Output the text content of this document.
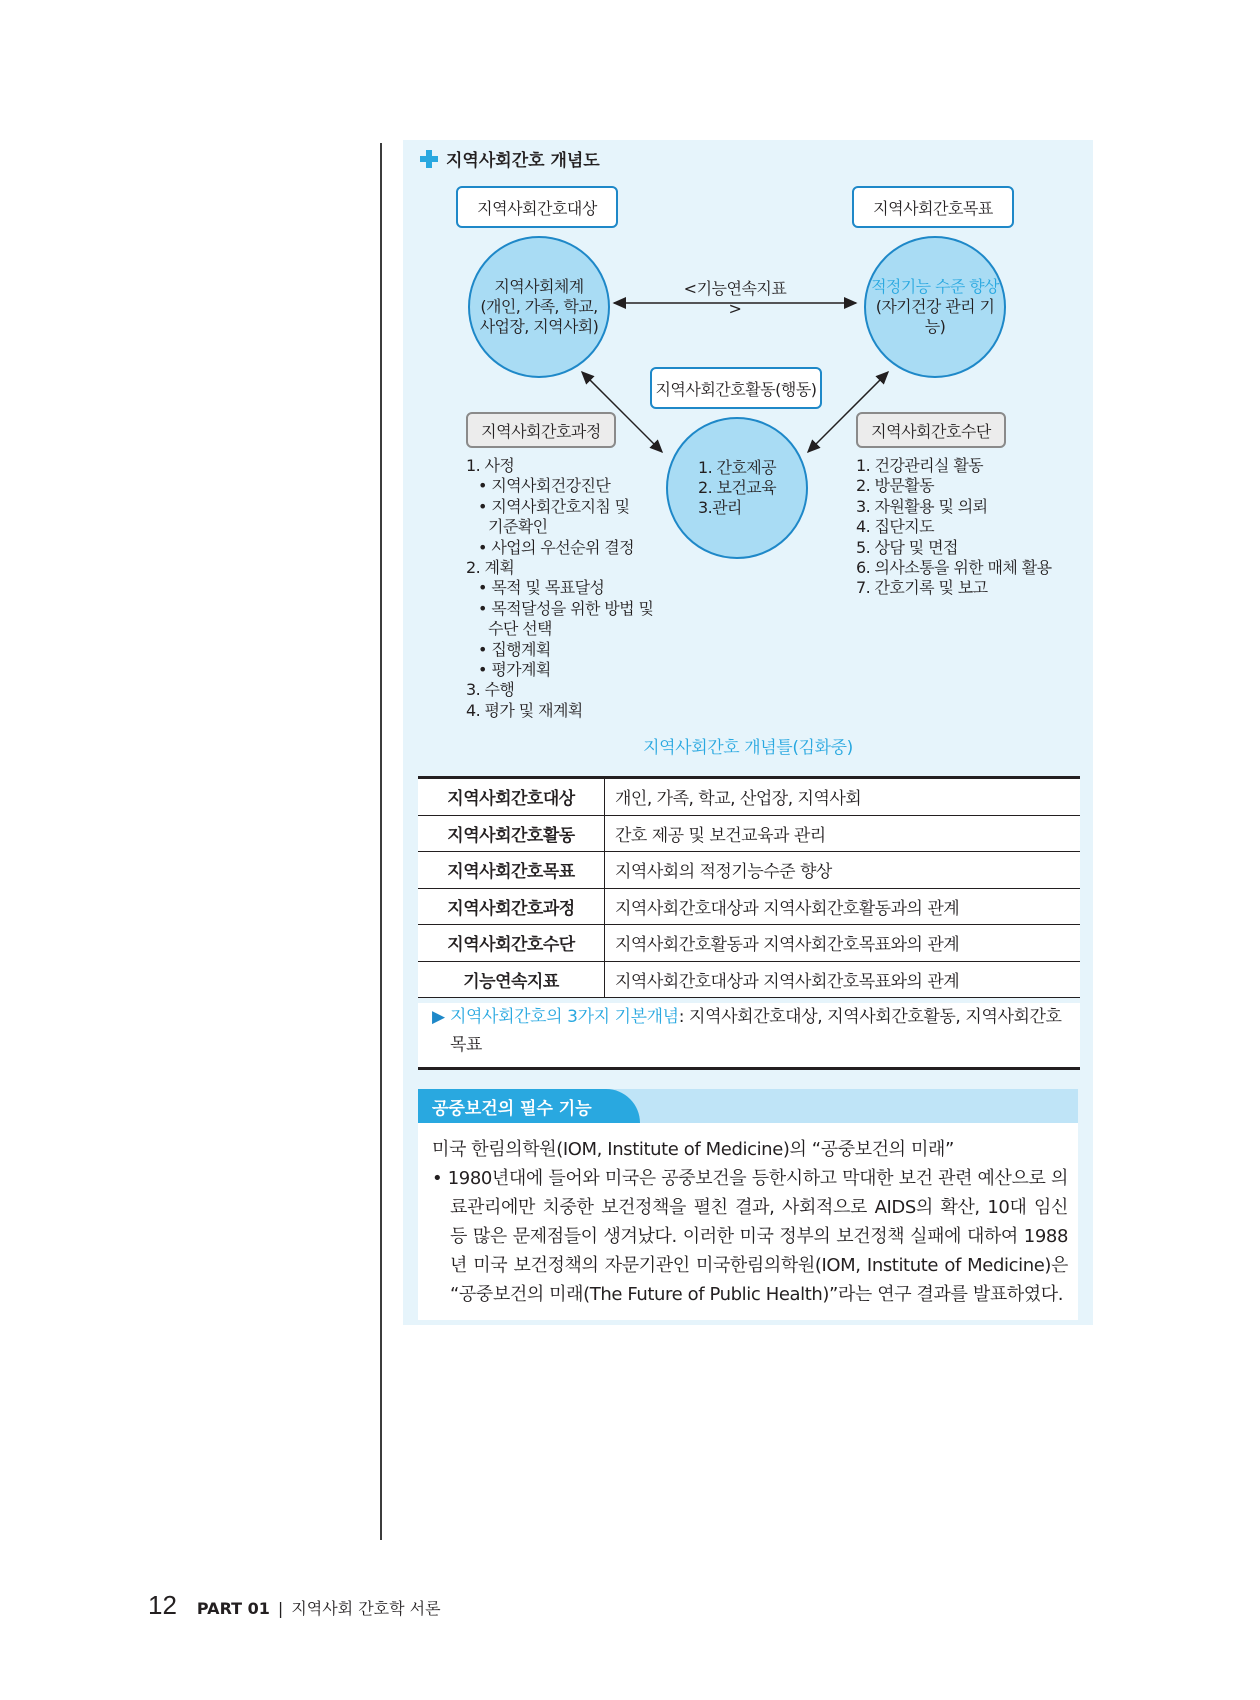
지역사회간호 개념도
지역사회간호대상	지역사회간호목표
지역사회체계
(개인, 가족, 학교,
사업장, 지역사회)
적정기능 수준 향상
(자기건강 관리 기능)
<기능연속지표>
지역사회간호활동(행동)
1. 간호제공
2. 보건교육
3.관리
지역사회간호과정	지역사회간호수단
1. 사정
• 지역사회건강진단
• 지역사회간호지침 및
기준확인
• 사업의 우선순위 결정
2. 계획
• 목적 및 목표달성
• 목적달성을 위한 방법 및
수단 선택
• 집행계획
• 평가계획
3. 수행
4. 평가 및 재계획
1. 건강관리실 활동
2. 방문활동
3. 자원활용 및 의뢰
4. 집단지도
5. 상담 및 면접
6. 의사소통을 위한 매체 활용
7. 간호기록 및 보고
지역사회간호 개념틀(김화중)
지역사회간호대상	개인, 가족, 학교, 산업장, 지역사회
지역사회간호활동	간호 제공 및 보건교육과 관리
지역사회간호목표	지역사회의 적정기능수준 향상
지역사회간호과정	지역사회간호대상과 지역사회간호활동과의 관계
지역사회간호수단	지역사회간호활동과 지역사회간호목표와의 관계
기능연속지표	지역사회간호대상과 지역사회간호목표와의 관계
▶ 지역사회간호의 3가지 기본개념: 지역사회간호대상, 지역사회간호활동, 지역사회간호
목표
공중보건의 필수 기능

미국 한림의학원(IOM, Institute of Medicine)의 “공중보건의 미래”

• 1980년대에 들어와 미국은 공중보건을 등한시하고 막대한 보건 관련 예산으로 의료관리에만 치중한 보건정책을 펼친 결과, 사회적으로 AIDS의 확산, 10대 임신 등 많은 문제점들이 생겨났다. 이러한 미국 정부의 보건정책 실패에 대하여 1988년 미국 보건정책의 자문기관인 미국한림의학원(IOM, Institute of Medicine)은 “공중보건의 미래(The Future of Public Health)”라는 연구 결과를 발표하였다.

12 PART 01 | 지역사회 간호학 서론
